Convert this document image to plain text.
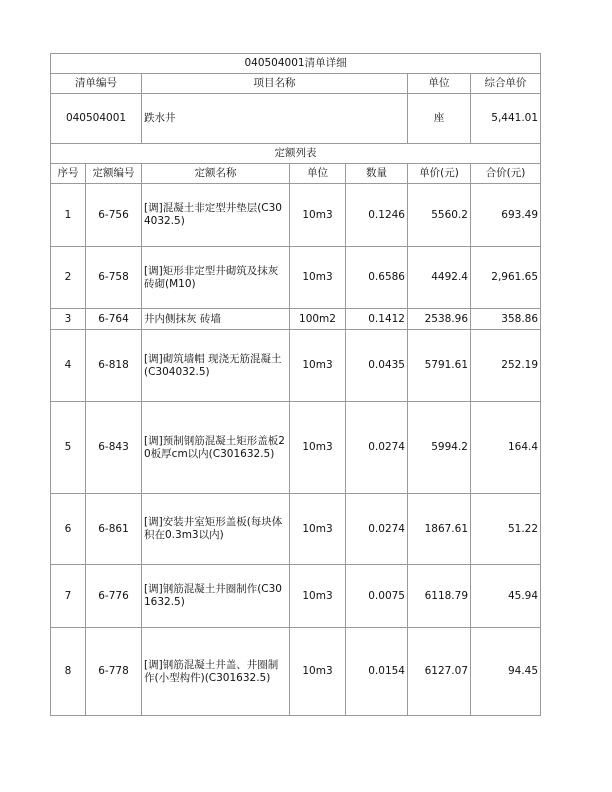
040504001清单详细						
清单编号		项目名称			单位	综合单价
040504001		跌水井			座	5,441.01
定额列表						
序号	定额编号	定额名称	单位	数量	单价(元)	合价(元)
1	6-756	[调]混凝土非定型井垫层(C304032.5)	10m3	0.1246	5560.2	693.49
2	6-758	[调]矩形非定型井砌筑及抹灰 砖砌(M10)	10m3	0.6586	4492.4	2,961.65
3	6-764	井内侧抹灰 砖墙	100m2	0.1412	2538.96	358.86
4	6-818	[调]砌筑墙帽 现浇无筋混凝土(C304032.5)	10m3	0.0435	5791.61	252.19
5	6-843	[调]预制钢筋混凝土矩形盖板20板厚cm以内(C301632.5)	10m3	0.0274	5994.2	164.4
6	6-861	[调]安装井室矩形盖板(每块体积在0.3m3以内)	10m3	0.0274	1867.61	51.22
7	6-776	[调]钢筋混凝土井圈制作(C301632.5)	10m3	0.0075	6118.79	45.94
8	6-778	[调]钢筋混凝土井盖、井圈制作(小型构件)(C301632.5)	10m3	0.0154	6127.07	94.45
